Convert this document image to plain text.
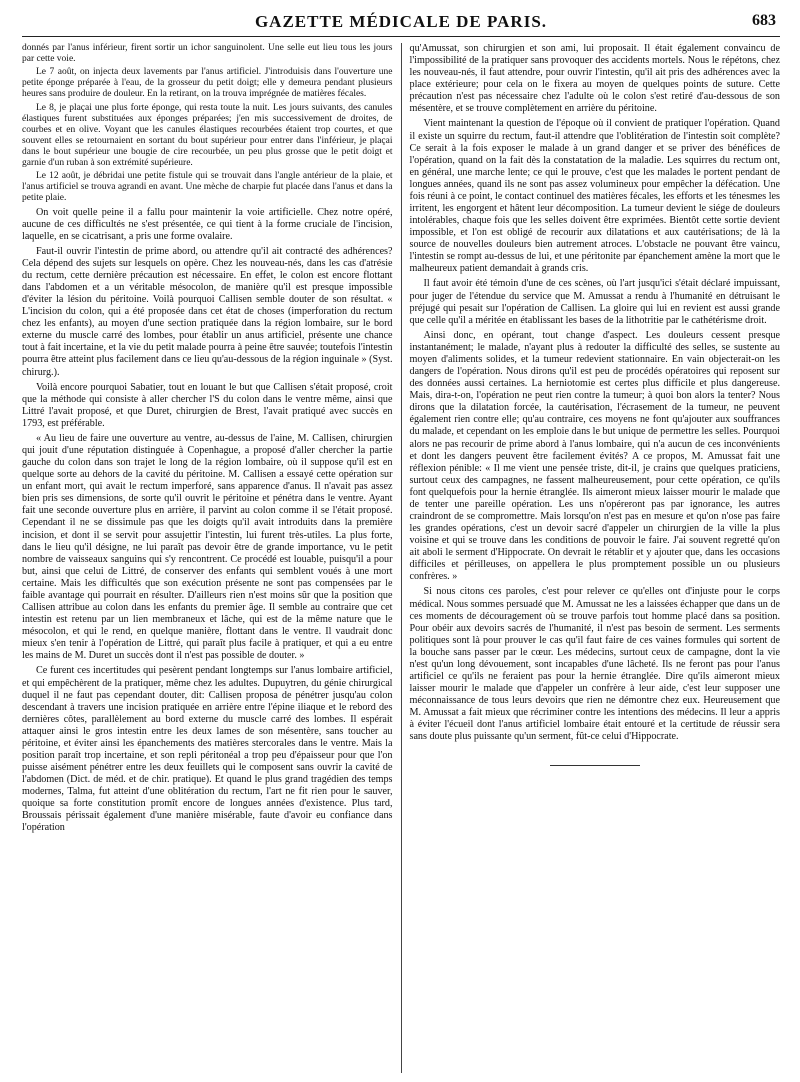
GAZETTE MÉDICALE DE PARIS.	683

donnés par l'anus inférieur, firent sortir un ichor sanguinolent. Une selle eut lieu tous les jours par cette voie.

Le 7 août, on injecta deux lavements par l'anus artificiel. J'introduisis dans l'ouverture une petite éponge préparée à l'eau, de la grosseur du petit doigt; elle y demeura pendant plusieurs heures sans produire de douleur. En la retirant, on la trouva imprégnée de matières fécales.

Le 8, je plaçai une plus forte éponge, qui resta toute la nuit. Les jours suivants, des canules élastiques furent substituées aux éponges préparées; j'en mis successivement de droites, de courbes et en olive. Voyant que les canules élastiques recourbées étaient trop courtes, et que souvent elles se retournaient en sortant du bout supérieur pour entrer dans l'inférieur, je plaçai dans le bout supérieur une bougie de cire recourbée, un peu plus grosse que le petit doigt et garnie d'un ruban à son extrémité supérieure.

Le 12 août, je débridai une petite fistule qui se trouvait dans l'angle antérieur de la plaie, et l'anus artificiel se trouva agrandi en avant. Une mèche de charpie fut placée dans l'anus et dans la petite plaie.

On voit quelle peine il a fallu pour maintenir la voie artificielle. Chez notre opéré, aucune de ces difficultés ne s'est présentée, ce qui tient à la forme cruciale de l'incision, laquelle, en se cicatrisant, a pris une forme ovalaire.

Faut-il ouvrir l'intestin de prime abord, ou attendre qu'il ait contracté des adhérences? Cela dépend des sujets sur lesquels on opère. Chez les nouveau-nés, dans les cas d'atrésie du rectum, cette dernière précaution est nécessaire. En effet, le colon est encore flottant dans l'abdomen et a un véritable mésocolon, de manière qu'il est presque impossible d'éviter la lésion du péritoine. Voilà pourquoi Callisen semble douter de son résultat. « L'incision du colon, qui a été proposée dans cet état de choses (imperforation du rectum chez les enfants), au moyen d'une section pratiquée dans la région lombaire, sur le bord externe du muscle carré des lombes, pour établir un anus artificiel, présente une chance tout à fait incertaine, et la vie du petit malade pourra à peine être sauvée; toutefois l'intestin pourra être atteint plus facilement dans ce lieu qu'au-dessous de la région inguinale » (Syst. chirurg.).

Voilà encore pourquoi Sabatier, tout en louant le but que Callisen s'était proposé, croit que la méthode qui consiste à aller chercher l'S du colon dans le ventre même, ainsi que Littré l'avait proposé, et que Duret, chirurgien de Brest, l'avait pratiqué avec succès en 1793, est préférable.

« Au lieu de faire une ouverture au ventre, au-dessus de l'aine, M. Callisen, chirurgien qui jouit d'une réputation distinguée à Copenhague, a proposé d'aller chercher la partie gauche du colon dans son trajet le long de la région lombaire, où il suppose qu'il est en quelque sorte au dehors de la cavité du péritoine. M. Callisen a essayé cette opération sur un enfant mort, qui avait le rectum imperforé, sans apparence d'anus. Il n'avait pas assez bien pris ses dimensions, de sorte qu'il ouvrit le péritoine et pénétra dans le ventre. Ayant fait une seconde ouverture plus en arrière, il parvint au colon comme il se l'était proposé. Cependant il ne se dissimule pas que les doigts qu'il avait introduits dans la première incision, et dont il se servit pour assujettir l'intestin, lui furent très-utiles. La plus forte, dans le lieu qu'il désigne, ne lui paraît pas devoir être de grande importance, vu le petit nombre de vaisseaux sanguins qui s'y rencontrent. Ce procédé est louable, puisqu'il a pour but, ainsi que celui de Littré, de conserver des enfants qui semblent voués à une mort certaine. Mais les difficultés que son exécution présente ne sont pas compensées par le faible avantage qui pourrait en résulter. D'ailleurs rien n'est moins sûr que la position que Callisen attribue au colon dans les enfants du premier âge. Il semble au contraire que cet intestin est retenu par un lien membraneux et lâche, qui est de la même nature que le mésocolon, et qui le rend, en quelque manière, flottant dans le ventre. Il vaudrait donc mieux s'en tenir à l'opération de Littré, qui paraît plus facile à pratiquer, et qui a eu entre les mains de M. Duret un succès dont il n'est pas possible de douter. »

Ce furent ces incertitudes qui pesèrent pendant longtemps sur l'anus lombaire artificiel, et qui empêchèrent de la pratiquer, même chez les adultes. Dupuytren, du génie chirurgical duquel il ne faut pas cependant douter, dit: Callisen proposa de pénétrer jusqu'au colon descendant à travers une incision pratiquée en arrière entre l'épine iliaque et le rebord des dernières côtes, parallèlement au bord externe du muscle carré des lombes. Il espérait attaquer ainsi le gros intestin entre les deux lames de son mésentère, sans toucher au péritoine, et éviter ainsi les épanchements des matières stercorales dans le ventre. Mais la position paraît trop incertaine, et son repli péritonéal a trop peu d'épaisseur pour que l'on puisse aisément pénétrer entre les deux feuillets qui le composent sans ouvrir la cavité de l'abdomen (Dict. de méd. et de chir. pratique). Et quand le plus grand tragédien des temps modernes, Talma, fut atteint d'une oblitération du rectum, l'art ne fit rien pour le sauver, quoique sa forte constitution promît encore de longues années d'existence. Plus tard, Broussais périssait également d'une manière misérable, faute d'avoir eu confiance dans l'opération

qu'Amussat, son chirurgien et son ami, lui proposait. Il était également convaincu de l'impossibilité de la pratiquer sans provoquer des accidents mortels. Nous le répétons, chez les nouveau-nés, il faut attendre, pour ouvrir l'intestin, qu'il ait pris des adhérences avec la place extérieure; pour cela on le fixera au moyen de quelques points de suture. Cette précaution n'est pas nécessaire chez l'adulte où le colon s'est retiré d'au-dessous de son mésentère, et se trouve complètement en arrière du péritoine.

Vient maintenant la question de l'époque où il convient de pratiquer l'opération. Quand il existe un squirre du rectum, faut-il attendre que l'oblitération de l'intestin soit complète? Ce serait à la fois exposer le malade à un grand danger et se priver des bénéfices de l'opération, quand on la fait dès la constatation de la maladie. Les squirres du rectum ont, en général, une marche lente; ce qui le prouve, c'est que les malades le portent pendant de longues années, quand ils ne sont pas assez volumineux pour empêcher la défécation. Une fois réuni à ce point, le contact continuel des matières fécales, les efforts et les ténesmes les irritent, les engorgent et hâtent leur décomposition. La tumeur devient le siége de douleurs intolérables, chaque fois que les selles doivent être exprimées. Bientôt cette sortie devient impossible, et l'on est obligé de recourir aux dilatations et aux cautérisations; de là la source de nouvelles douleurs bien autrement atroces. L'obstacle ne pouvant être vaincu, l'intestin se rompt au-dessus de lui, et une péritonite par épanchement amène la mort que le malheureux patient demandait à grands cris.

Il faut avoir été témoin d'une de ces scènes, où l'art jusqu'ici s'était déclaré impuissant, pour juger de l'étendue du service que M. Amussat a rendu à l'humanité en détruisant le préjugé qui pesait sur l'opération de Callisen. La gloire qui lui en revient est aussi grande que celle qu'il a méritée en établissant les bases de la lithotritie par le cathétérisme droit.

Ainsi donc, en opérant, tout change d'aspect. Les douleurs cessent presque instantanément; le malade, n'ayant plus à redouter la difficulté des selles, se sustente au moyen d'aliments solides, et la tumeur redevient stationnaire. En vain objecterait-on les dangers de l'opération. Nous dirons qu'il est peu de procédés opératoires qui reposent sur des données aussi certaines. La herniotomie est certes plus difficile et plus dangereuse. Mais, dira-t-on, l'opération ne peut rien contre la tumeur; à quoi bon alors la tenter? Nous dirons que la dilatation forcée, la cautérisation, l'écrasement de la tumeur, ne peuvent également rien contre elle; qu'au contraire, ces moyens ne font qu'ajouter aux souffrances du malade, et cependant on les emploie dans le but unique de permettre les selles. Pourquoi alors ne pas recourir de prime abord à l'anus lombaire, qui n'a aucun de ces inconvénients et dont les dangers peuvent être facilement évités? A ce propos, M. Amussat fait une réflexion pénible: « Il me vient une pensée triste, dit-il, je crains que quelques praticiens, surtout ceux des campagnes, ne fassent malheureusement, pour cette opération, ce qu'ils font quelquefois pour la hernie étranglée. Ils aimeront mieux laisser mourir le malade que de tenter une pareille opération. Les uns n'opéreront pas par ignorance, les autres craindront de se compromettre. Mais lorsqu'on n'est pas en mesure et qu'on n'ose pas faire les grandes opérations, c'est un devoir sacré d'appeler un chirurgien de la ville la plus voisine et qui se trouve dans les conditions de pouvoir le faire. J'ai souvent regretté qu'on ait aboli le serment d'Hippocrate. On devrait le rétablir et y ajouter que, dans les occasions difficiles et périlleuses, on appellera le plus promptement possible un ou plusieurs confrères. »

Si nous citons ces paroles, c'est pour relever ce qu'elles ont d'injuste pour le corps médical. Nous sommes persuadé que M. Amussat ne les a laissées échapper que dans un de ces moments de découragement où se trouve parfois tout homme placé dans sa position. Pour obéir aux devoirs sacrés de l'humanité, il n'est pas besoin de serment. Les serments politiques sont là pour prouver le cas qu'il faut faire de ces vaines formules qui sortent de la bouche sans passer par le cœur. Les médecins, surtout ceux de campagne, dont la vie n'est qu'un long dévouement, sont incapables d'une lâcheté. Ils ne feront pas pour l'anus artificiel ce qu'ils ne feraient pas pour la hernie étranglée. Dire qu'ils aimeront mieux laisser mourir le malade que d'appeler un confrère à leur aide, c'est leur supposer une méconnaissance de tous leurs devoirs que rien ne démontre chez eux. Heureusement que M. Amussat a fait mieux que récriminer contre les intentions des médecins. Il leur a appris à éviter l'écueil dont l'anus artificiel lombaire était entouré et la certitude de réussir sera sans doute plus puissante qu'un serment, fût-ce celui d'Hippocrate.
